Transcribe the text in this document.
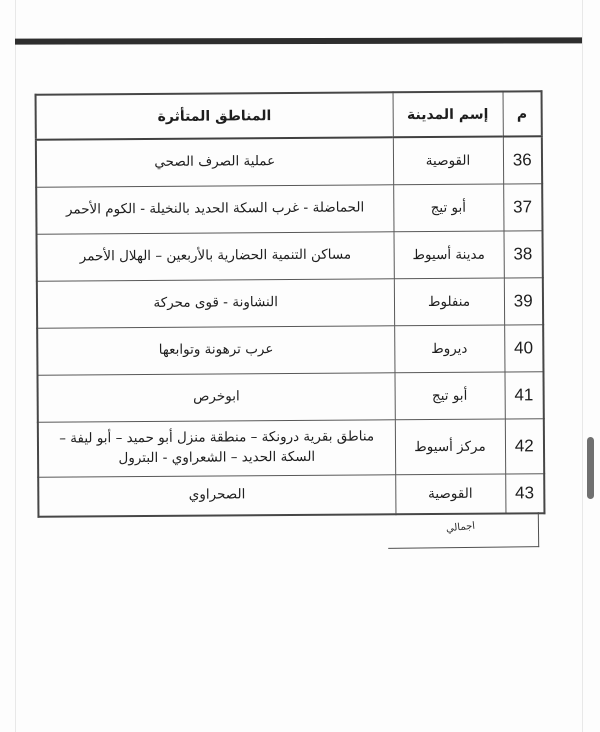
م	إسم المدينة	المناطق المتأثرة
36	القوصية	عملية الصرف الصحي
37	أبو تيج	الحماضلة - غرب السكة الحديد بالنخيلة - الكوم الأحمر
38	مدينة أسيوط	مساكن التنمية الحضارية بالأربعين – الهلال الأحمر
39	منفلوط	النشاونة - قوى محركة
40	ديروط	عرب ترهونة وتوابعها
41	أبو تيج	ابوخرص
42	مركز أسيوط	مناطق بقرية درونكة – منطقة منزل أبو حميد – أبو ليفة – السكة الحديد – الشعراوي - البترول
43	القوصية	الصحراوي
اجمالي
